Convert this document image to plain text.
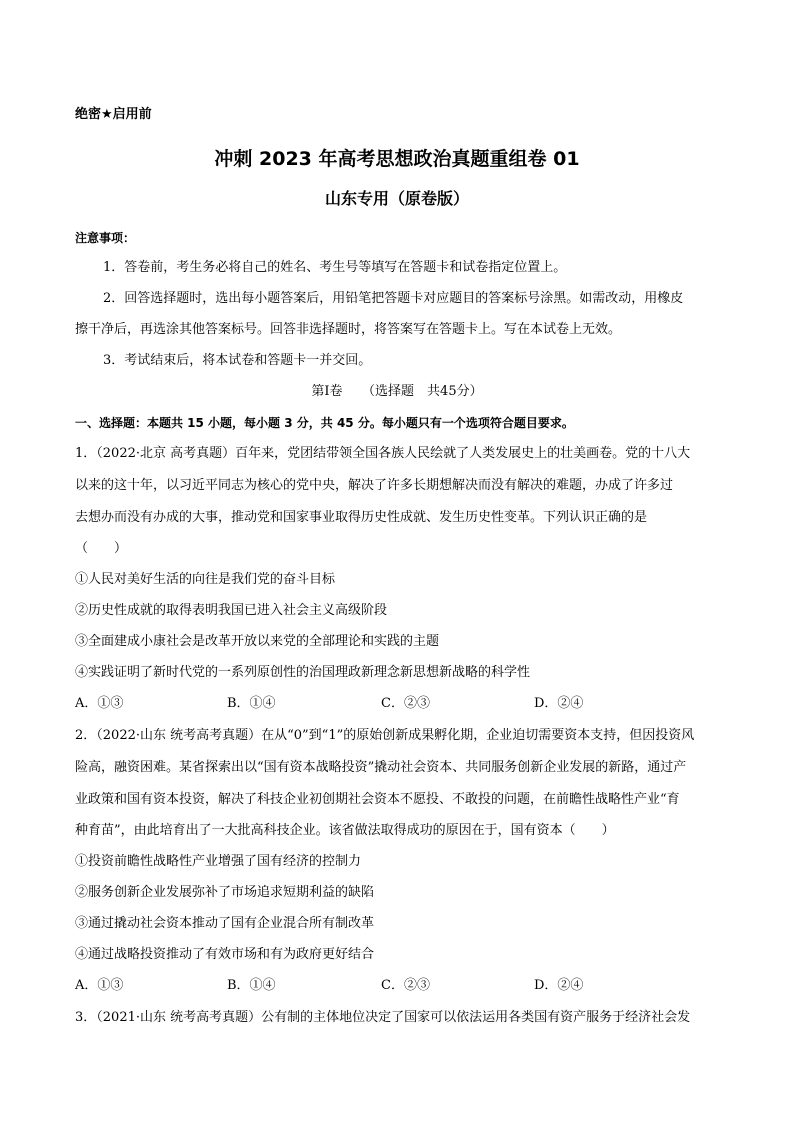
绝密★启用前
冲刺 2023 年高考思想政治真题重组卷 01
山东专用（原卷版）
注意事项：
1．答卷前，考生务必将自己的姓名、考生号等填写在答题卡和试卷指定位置上。
2．回答选择题时，选出每小题答案后，用铅笔把答题卡对应题目的答案标号涂黑。如需改动，用橡皮
擦干净后，再选涂其他答案标号。回答非选择题时，将答案写在答题卡上。写在本试卷上无效。
3．考试结束后，将本试卷和答题卡一并交回。
第Ⅰ卷　　（选择题　共45分）
一、选择题：本题共 15 小题，每小题 3 分，共 45 分。每小题只有一个选项符合题目要求。
1．（2022·北京 高考真题）百年来，党团结带领全国各族人民绘就了人类发展史上的壮美画卷。党的十八大
以来的这十年，以习近平同志为核心的党中央，解决了许多长期想解决而没有解决的难题，办成了许多过
去想办而没有办成的大事，推动党和国家事业取得历史性成就、发生历史性变革。下列认识正确的是
（　　）
①人民对美好生活的向往是我们党的奋斗目标
②历史性成就的取得表明我国已进入社会主义高级阶段
③全面建成小康社会是改革开放以来党的全部理论和实践的主题
④实践证明了新时代党的一系列原创性的治国理政新理念新思想新战略的科学性
A．①③	B．①④	C．②③	D．②④
2．（2022·山东 统考高考真题）在从“0”到“1”的原始创新成果孵化期，企业迫切需要资本支持，但因投资风
险高，融资困难。某省探索出以“国有资本战略投资”撬动社会资本、共同服务创新企业发展的新路，通过产
业政策和国有资本投资，解决了科技企业初创期社会资本不愿投、不敢投的问题，在前瞻性战略性产业“育
种育苗”，由此培育出了一大批高科技企业。该省做法取得成功的原因在于，国有资本（　　）
①投资前瞻性战略性产业增强了国有经济的控制力
②服务创新企业发展弥补了市场追求短期利益的缺陷
③通过撬动社会资本推动了国有企业混合所有制改革
④通过战略投资推动了有效市场和有为政府更好结合
A．①③	B．①④	C．②③	D．②④
3．（2021·山东 统考高考真题）公有制的主体地位决定了国家可以依法运用各类国有资产服务于经济社会发
